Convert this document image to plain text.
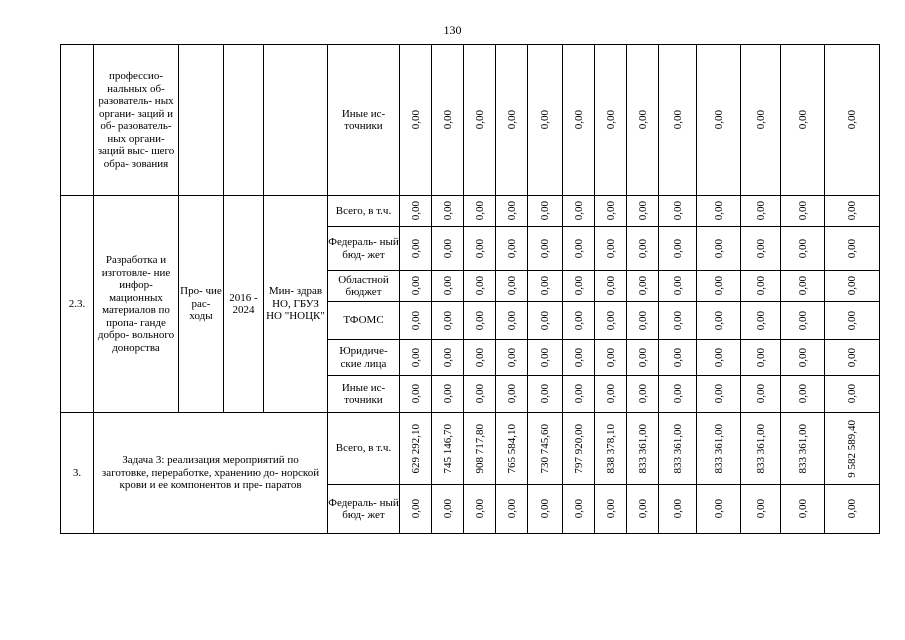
130
	профессио- нальных об- разователь- ных органи- заций и об- разователь- ных органи- заций выс- шего обра- зования				Иные ис- точники	0,00	0,00	0,00	0,00	0,00	0,00	0,00	0,00	0,00	0,00	0,00	0,00	0,00

2.3.	Разработка и изготовле- ние инфор- мационных материалов по пропа- ганде добро- вольного донорства	Про- чие рас- ходы	2016 - 2024	Мин- здрав НО, ГБУЗ НО "НОЦК"	Всего, в т.ч.	0,00	0,00	0,00	0,00	0,00	0,00	0,00	0,00	0,00	0,00	0,00	0,00	0,00

					Федераль- ный бюд- жет	0,00	0,00	0,00	0,00	0,00	0,00	0,00	0,00	0,00	0,00	0,00	0,00	0,00

					Областной бюджет	0,00	0,00	0,00	0,00	0,00	0,00	0,00	0,00	0,00	0,00	0,00	0,00	0,00

					ТФОМС	0,00	0,00	0,00	0,00	0,00	0,00	0,00	0,00	0,00	0,00	0,00	0,00	0,00

					Юридиче- ские лица	0,00	0,00	0,00	0,00	0,00	0,00	0,00	0,00	0,00	0,00	0,00	0,00	0,00

					Иные ис- точники	0,00	0,00	0,00	0,00	0,00	0,00	0,00	0,00	0,00	0,00	0,00	0,00	0,00

3.	Задача 3: реализация мероприятий по заготовке, переработке, хранению до- норской крови и ее компонентов и пре- паратов				Всего, в т.ч.	629 292,10	745 146,70	908 717,80	765 584,10	730 745,60	797 920,00	838 378,10	833 361,00	833 361,00	833 361,00	833 361,00	833 361,00	9 582 589,40

					Федераль- ный бюд- жет	0,00	0,00	0,00	0,00	0,00	0,00	0,00	0,00	0,00	0,00	0,00	0,00	0,00
